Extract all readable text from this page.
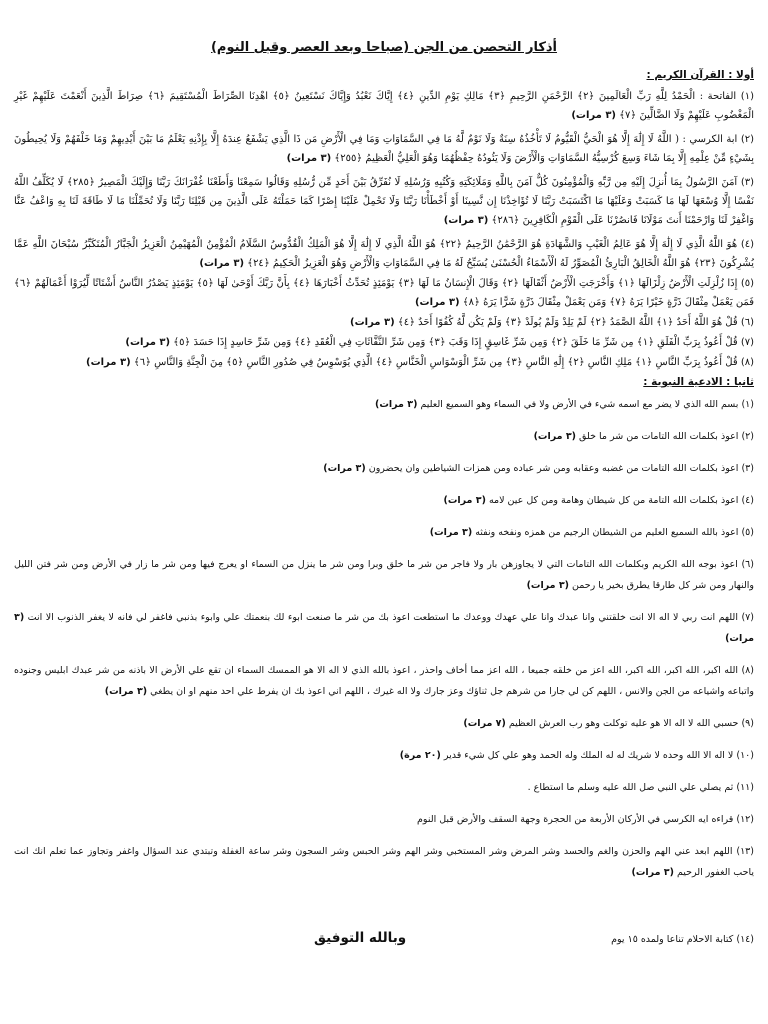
أذكار التحصن من الجن (صباحا وبعد العصر وقبل النوم)
أولا : القرآن الكريم :
(١) الفاتحة : الْحَمْدُ لِلَّهِ رَبِّ الْعَالَمِينَ ﴿٢﴾ الرَّحْمَنِ الرَّحِيمِ ﴿٣﴾ مَالِكِ يَوْمِ الدِّينِ ﴿٤﴾ إِيَّاكَ نَعْبُدُ وَإِيَّاكَ نَسْتَعِينُ ﴿٥﴾ اهْدِنَا الصِّرَاطَ الْمُسْتَقِيمَ ﴿٦﴾ صِرَاطَ الَّذِينَ أَنْعَمْتَ عَلَيْهِمْ غَيْرِ الْمَغْضُوبِ عَلَيْهِمْ وَلَا الضَّالِّينَ ﴿٧﴾ (٣ مرات)
(٢) ابة الكرسي : ( اللَّهُ لَا إِلَٰهَ إِلَّا هُوَ الْحَيُّ الْقَيُّومُ لَا تَأْخُذُهُ سِنَةٌ وَلَا نَوْمٌ لَّهُ مَا فِي السَّمَاوَاتِ وَمَا فِي الْأَرْضِ مَن ذَا الَّذِي يَشْفَعُ عِندَهُ إِلَّا بِإِذْنِهِ يَعْلَمُ مَا بَيْنَ أَيْدِيهِمْ وَمَا خَلْفَهُمْ وَلَا يُحِيطُونَ بِشَيْءٍ مِّنْ عِلْمِهِ إِلَّا بِمَا شَاءَ وَسِعَ كُرْسِيُّهُ السَّمَاوَاتِ وَالْأَرْضَ وَلَا يَئُودُهُ حِفْظُهُمَا وَهُوَ الْعَلِيُّ الْعَظِيمُ ﴿٢٥٥﴾ (٣ مرات)
(٣) آمَنَ الرَّسُولُ بِمَا أُنزِلَ إِلَيْهِ مِن رَّبِّهِ وَالْمُؤْمِنُونَ كُلٌّ آمَنَ بِاللَّهِ وَمَلَائِكَتِهِ وَكُتُبِهِ وَرُسُلِهِ لَا نُفَرِّقُ بَيْنَ أَحَدٍ مِّن رُّسُلِهِ وَقَالُوا سَمِعْنَا وَأَطَعْنَا غُفْرَانَكَ رَبَّنَا وَإِلَيْكَ الْمَصِيرُ ﴿٢٨٥﴾ لَا يُكَلِّفُ اللَّهُ نَفْسًا إِلَّا وُسْعَهَا لَهَا مَا كَسَبَتْ وَعَلَيْهَا مَا اكْتَسَبَتْ رَبَّنَا لَا تُؤَاخِذْنَا إِن نَّسِينَا أَوْ أَخْطَأْنَا رَبَّنَا وَلَا تَحْمِلْ عَلَيْنَا إِصْرًا كَمَا حَمَلْتَهُ عَلَى الَّذِينَ مِن قَبْلِنَا رَبَّنَا وَلَا تُحَمِّلْنَا مَا لَا طَاقَةَ لَنَا بِهِ وَاعْفُ عَنَّا وَاغْفِرْ لَنَا وَارْحَمْنَا أَنتَ مَوْلَانَا فَانصُرْنَا عَلَى الْقَوْمِ الْكَافِرِينَ ﴿٢٨٦﴾ (٣ مرات)
(٤) هُوَ اللَّهُ الَّذِي لَا إِلَٰهَ إِلَّا هُوَ عَالِمُ الْغَيْبِ وَالشَّهَادَةِ هُوَ الرَّحْمَٰنُ الرَّحِيمُ ﴿٢٢﴾ هُوَ اللَّهُ الَّذِي لَا إِلَٰهَ إِلَّا هُوَ الْمَلِكُ الْقُدُّوسُ السَّلَامُ الْمُؤْمِنُ الْمُهَيْمِنُ الْعَزِيزُ الْجَبَّارُ الْمُتَكَبِّرُ سُبْحَانَ اللَّهِ عَمَّا يُشْرِكُونَ ﴿٢٣﴾ هُوَ اللَّهُ الْخَالِقُ الْبَارِئُ الْمُصَوِّرُ لَهُ الْأَسْمَاءُ الْحُسْنَىٰ يُسَبِّحُ لَهُ مَا فِي السَّمَاوَاتِ وَالْأَرْضِ وَهُوَ الْعَزِيزُ الْحَكِيمُ ﴿٢٤﴾ (٣ مرات)
(٥) إِذَا زُلْزِلَتِ الْأَرْضُ زِلْزَالَهَا ﴿١﴾ وَأَخْرَجَتِ الْأَرْضُ أَثْقَالَهَا ﴿٢﴾ وَقَالَ الْإِنسَانُ مَا لَهَا ﴿٣﴾ يَوْمَئِذٍ تُحَدِّثُ أَخْبَارَهَا ﴿٤﴾ بِأَنَّ رَبَّكَ أَوْحَىٰ لَهَا ﴿٥﴾ يَوْمَئِذٍ يَصْدُرُ النَّاسُ أَشْتَاتًا لِّيُرَوْا أَعْمَالَهُمْ ﴿٦﴾ فَمَن يَعْمَلْ مِثْقَالَ ذَرَّةٍ خَيْرًا يَرَهُ ﴿٧﴾ وَمَن يَعْمَلْ مِثْقَالَ ذَرَّةٍ شَرًّا يَرَهُ ﴿٨﴾ (٣ مرات)
(٦) قُلْ هُوَ اللَّهُ أَحَدٌ ﴿١﴾ اللَّهُ الصَّمَدُ ﴿٢﴾ لَمْ يَلِدْ وَلَمْ يُولَدْ ﴿٣﴾ وَلَمْ يَكُن لَّهُ كُفُوًا أَحَدٌ ﴿٤﴾ (٣ مرات)
(٧) قُلْ أَعُوذُ بِرَبِّ الْفَلَقِ ﴿١﴾ مِن شَرِّ مَا خَلَقَ ﴿٢﴾ وَمِن شَرِّ غَاسِقٍ إِذَا وَقَبَ ﴿٣﴾ وَمِن شَرِّ النَّفَّاثَاتِ فِي الْعُقَدِ ﴿٤﴾ وَمِن شَرِّ حَاسِدٍ إِذَا حَسَدَ ﴿٥﴾ (٣ مرات)
(٨) قُلْ أَعُوذُ بِرَبِّ النَّاسِ ﴿١﴾ مَلِكِ النَّاسِ ﴿٢﴾ إِلَٰهِ النَّاسِ ﴿٣﴾ مِن شَرِّ الْوَسْوَاسِ الْخَنَّاسِ ﴿٤﴾ الَّذِي يُوَسْوِسُ فِي صُدُورِ النَّاسِ ﴿٥﴾ مِنَ الْجِنَّةِ وَالنَّاسِ ﴿٦﴾ (٣ مرات)
ثانيا : الادعية النبوية :
(١) بسم الله الذي لا يضر مع اسمه شيء في الأرض ولا في السماء وهو السميع العليم (٣ مرات)
(٢) اعوذ بكلمات الله التامات من شر ما خلق (٣ مرات)
(٣) اعوذ بكلمات الله التامات من غضبه وعقابه ومن شر عباده ومن همزات الشياطين وان يحضرون (٣ مرات)
(٤) اعوذ بكلمات الله التامة من كل شيطان وهامة ومن كل عين لامه (٣ مرات)
(٥) اعوذ بالله السميع العليم من الشيطان الرجيم من همزه ونفخه ونفثه (٣ مرات)
(٦) اعوذ بوجه الله الكريم وبكلمات الله التامات التي لا يجاوزهن بار ولا فاجر من شر ما خلق وبرا ومن شر ما ينزل من السماء او يعرج فيها ومن شر ما زار في الأرض ومن شر فتن الليل والنهار ومن شر كل طارقا يطرق بخير يا رحمن (٣ مرات)
(٧) اللهم انت ربي لا اله الا انت خلقتني وانا عبدك وانا علي عهدك ووعدك ما استطعت اعوذ بك من شر ما صنعت ابوء لك بنعمتك علي وابوء بذنبي فاغفر لي فانه لا يغفر الذنوب الا انت (٣ مرات)
(٨) الله اكبر، الله اكبر، الله اكبر، الله اعز من خلقه جميعا ، الله اعز مما أخاف واحذر ، اعوذ بالله الذي لا اله الا هو الممسك السماء ان تقع علي الأرض الا باذنه من شر عبدك ابليس وجنوده واتباعه واشياعه من الجن والانس ، اللهم كن لي جارا من شرهم جل ثناؤك وعز جارك ولا اله غيرك ، اللهم اني اعوذ بك ان يفرط علي احد منهم او ان يطغي (٣ مرات)
(٩) حسبي الله لا اله الا هو عليه توكلت وهو رب العرش العظيم (٧ مرات)
(١٠) لا اله الا الله وحده لا شريك له له الملك وله الحمد وهو علي كل شيء قدير (٢٠ مرة)
(١١) ثم يصلي علي النبي صل الله عليه وسلم ما استطاع .
(١٢) قراءه ايه الكرسي في الأركان الأربعة من الحجرة وجهة السقف والأرض قبل النوم
(١٣) اللهم ابعد عني الهم والحزن والغم والحسد وشر المرض وشر المستخبي وشر الهم وشر الحبس وشر السجون وشر ساعة الغفلة وتبتدي عند السؤال واغفر وتجاوز عما تعلم انك انت ياحب الغفور الرحيم (٣ مرات)
(١٤) كتابة الاحلام تناعا ولمده ١٥ يوم
وبالله التوفيق
